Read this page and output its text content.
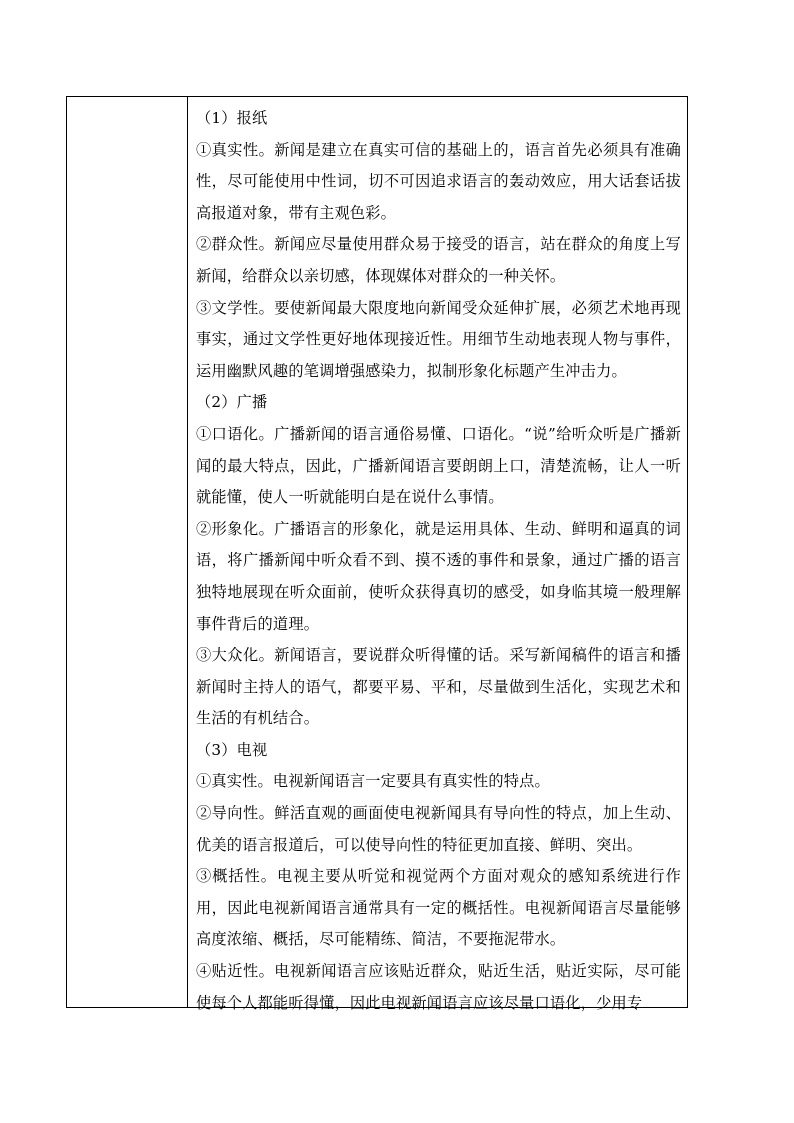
（1）报纸

①真实性。新闻是建立在真实可信的基础上的，语言首先必须具有准确性，尽可能使用中性词，切不可因追求语言的轰动效应，用大话套话拔高报道对象，带有主观色彩。

②群众性。新闻应尽量使用群众易于接受的语言，站在群众的角度上写新闻，给群众以亲切感，体现媒体对群众的一种关怀。

③文学性。要使新闻最大限度地向新闻受众延伸扩展，必须艺术地再现事实，通过文学性更好地体现接近性。用细节生动地表现人物与事件，运用幽默风趣的笔调增强感染力，拟制形象化标题产生冲击力。

（2）广播

①口语化。广播新闻的语言通俗易懂、口语化。“说”给听众听是广播新闻的最大特点，因此，广播新闻语言要朗朗上口，清楚流畅，让人一听就能懂，使人一听就能明白是在说什么事情。

②形象化。广播语言的形象化，就是运用具体、生动、鲜明和逼真的词语，将广播新闻中听众看不到、摸不透的事件和景象，通过广播的语言独特地展现在听众面前，使听众获得真切的感受，如身临其境一般理解事件背后的道理。

③大众化。新闻语言，要说群众听得懂的话。采写新闻稿件的语言和播新闻时主持人的语气，都要平易、平和，尽量做到生活化，实现艺术和生活的有机结合。

（3）电视

①真实性。电视新闻语言一定要具有真实性的特点。

②导向性。鲜活直观的画面使电视新闻具有导向性的特点，加上生动、优美的语言报道后，可以使导向性的特征更加直接、鲜明、突出。

③概括性。电视主要从听觉和视觉两个方面对观众的感知系统进行作用，因此电视新闻语言通常具有一定的概括性。电视新闻语言尽量能够高度浓缩、概括，尽可能精练、简洁，不要拖泥带水。

④贴近性。电视新闻语言应该贴近群众，贴近生活，贴近实际，尽可能使每个人都能听得懂，因此电视新闻语言应该尽量口语化，少用专
